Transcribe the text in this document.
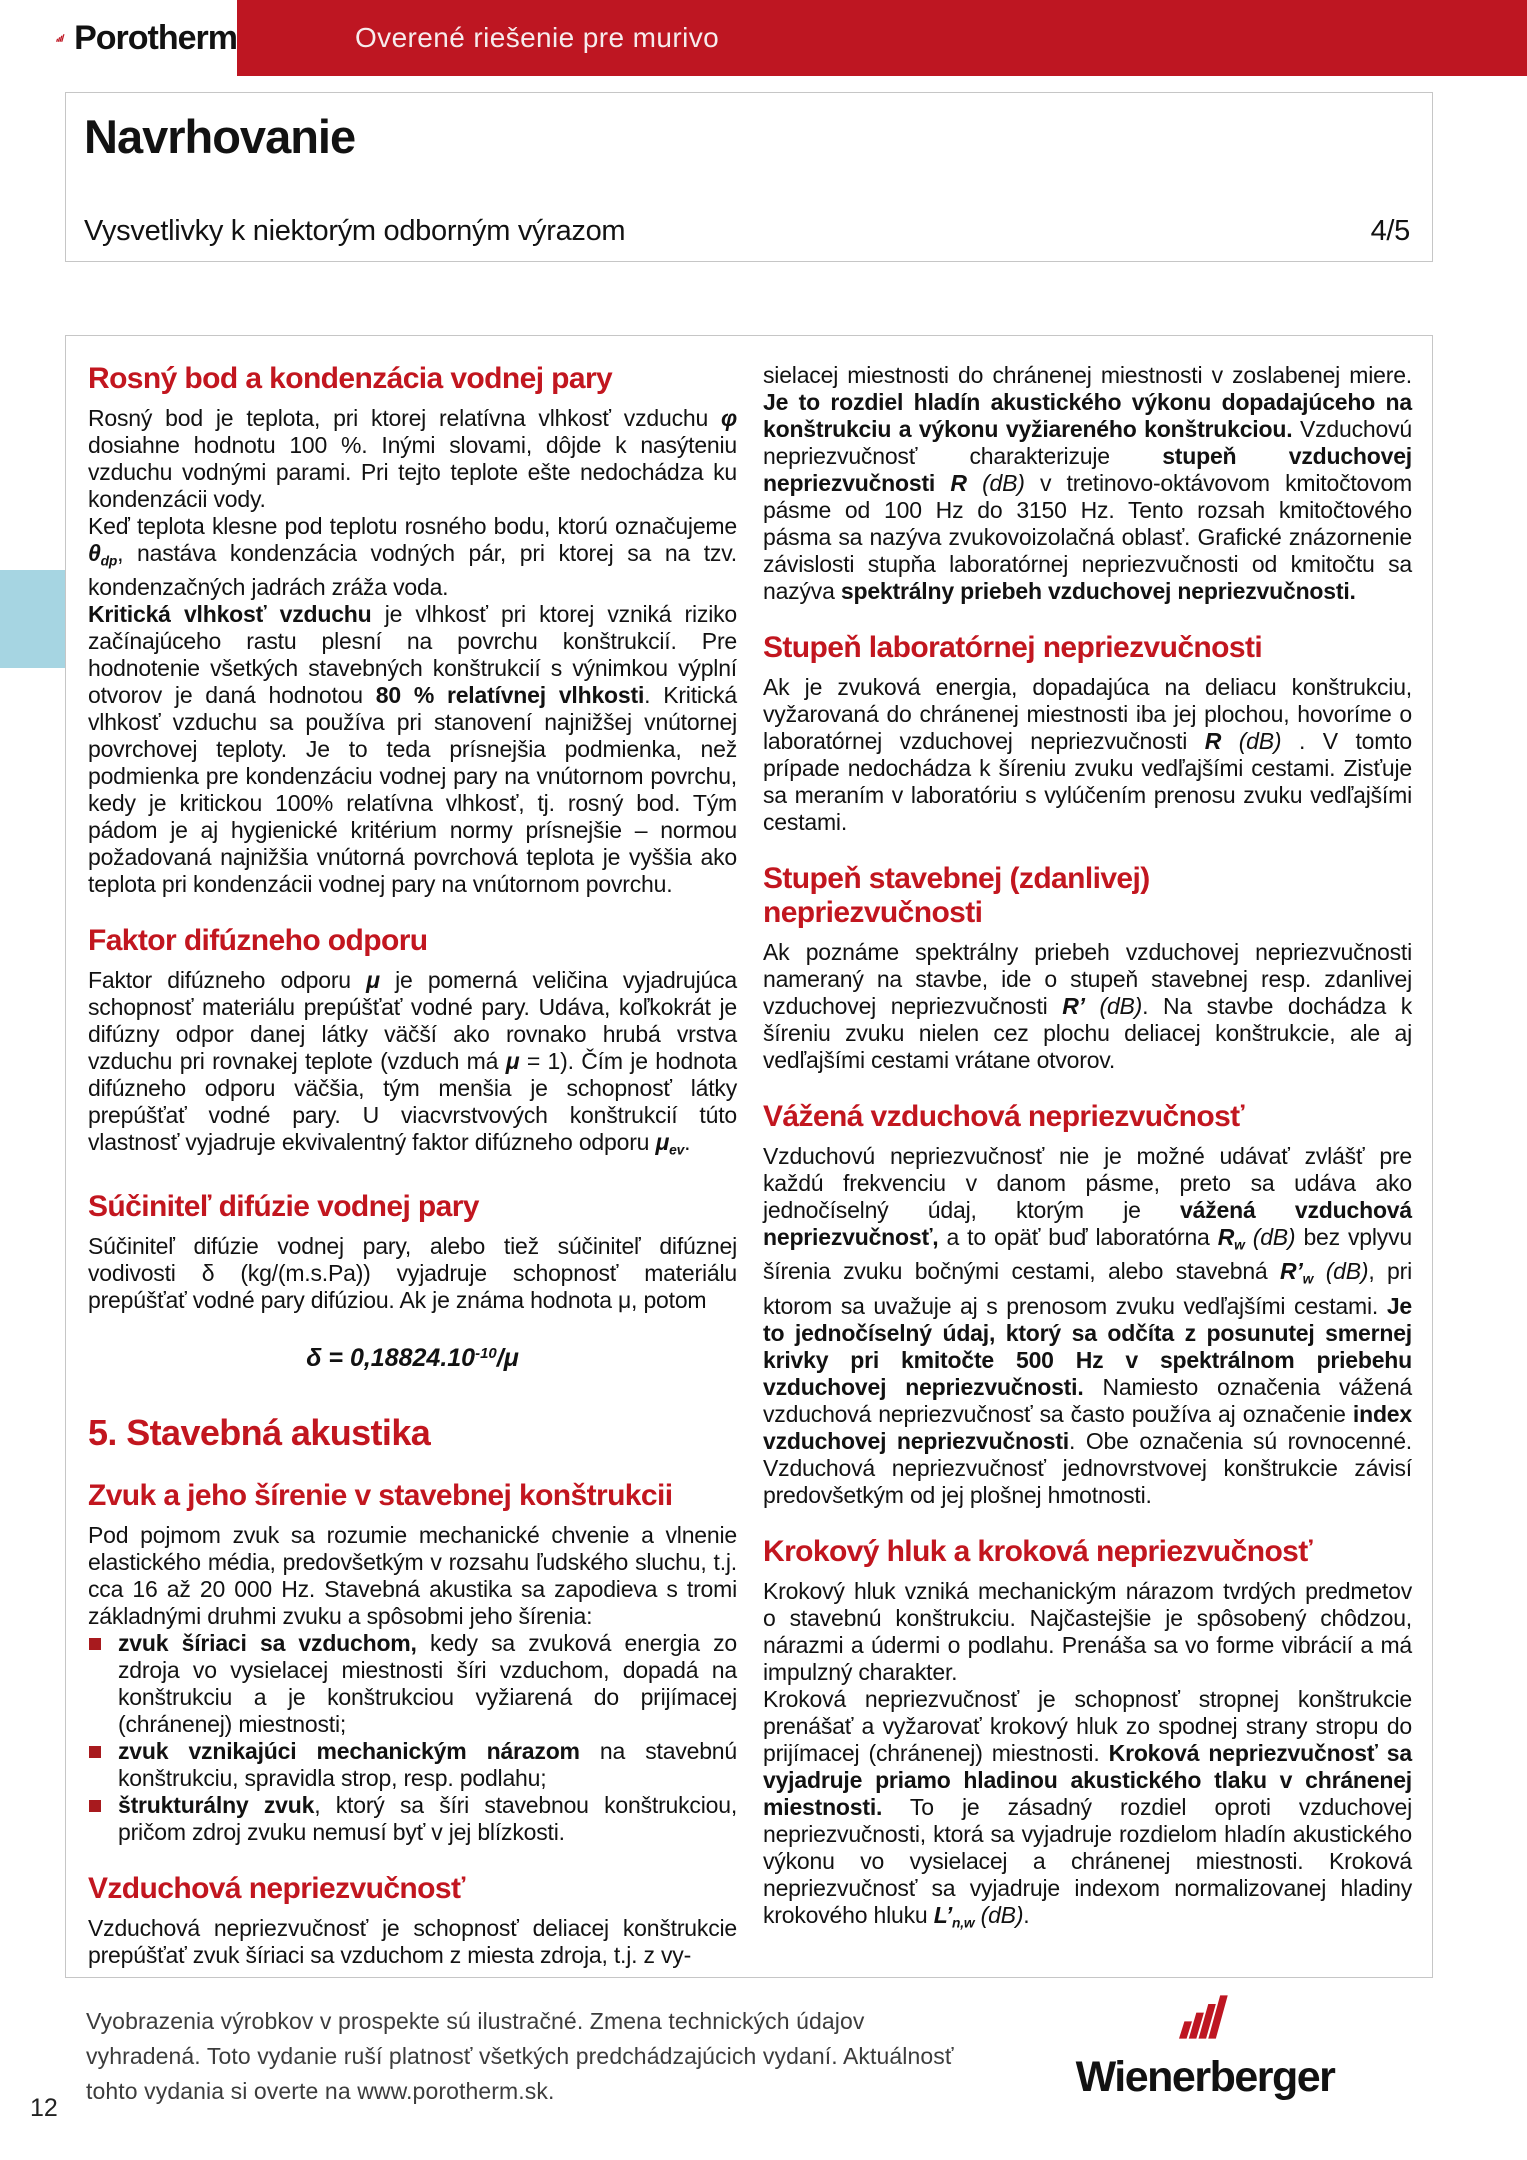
Porotherm	Overené riešenie pre murivo
Navrhovanie
Vysvetlivky k niektorým odborným výrazom	4/5
Rosný bod a kondenzácia vodnej pary

Rosný bod je teplota, pri ktorej relatívna vlhkosť vzduchu φ dosiahne hodnotu 100 %. Inými slovami, dôjde k nasýteniu vzduchu vodnými parami. Pri tejto teplote ešte nedochádza ku kondenzácii vody.

Keď teplota klesne pod teplotu rosného bodu, ktorú označujeme θdp, nastáva kondenzácia vodných pár, pri ktorej sa na tzv. kondenzačných jadrách zráža voda.

Kritická vlhkosť vzduchu je vlhkosť pri ktorej vzniká riziko začínajúceho rastu plesní na povrchu konštrukcií. Pre hodnotenie všetkých stavebných konštrukcií s výnimkou výplní otvorov je daná hodnotou 80 % relatívnej vlhkosti. Kritická vlhkosť vzduchu sa používa pri stanovení najnižšej vnútornej povrchovej teploty. Je to teda prísnejšia podmienka, než podmienka pre kondenzáciu vodnej pary na vnútornom povrchu, kedy je kritickou 100% relatívna vlhkosť, tj. rosný bod. Tým pádom je aj hygienické kritérium normy prísnejšie – normou požadovaná najnižšia vnútorná povrchová teplota je vyššia ako teplota pri kondenzácii vodnej pary na vnútornom povrchu.

Faktor difúzneho odporu

Faktor difúzneho odporu μ je pomerná veličina vyjadrujúca schopnosť materiálu prepúšťať vodné pary. Udáva, koľkokrát je difúzny odpor danej látky väčší ako rovnako hrubá vrstva vzduchu pri rovnakej teplote (vzduch má μ = 1). Čím je hodnota difúzneho odporu väčšia, tým menšia je schopnosť látky prepúšťať vodné pary. U viacvrstvových konštrukcií túto vlastnosť vyjadruje ekvivalentný faktor difúzneho odporu μev.

Súčiniteľ difúzie vodnej pary

Súčiniteľ difúzie vodnej pary, alebo tiež súčiniteľ difúznej vodivosti δ (kg/(m.s.Pa)) vyjadruje schopnosť materiálu prepúšťať vodné pary difúziou. Ak je známa hodnota μ, potom

$\delta = 0,18824.10^{-10}/\mu$
5. Stavebná akustika
Zvuk a jeho šírenie v stavebnej konštrukcii

Pod pojmom zvuk sa rozumie mechanické chvenie a vlnenie elastického média, predovšetkým v rozsahu ľudského sluchu, t.j. cca 16 až 20 000 Hz. Stavebná akustika sa zapodieva s tromi základnými druhmi zvuku a spôsobmi jeho šírenia:

zvuk šíriaci sa vzduchom, kedy sa zvuková energia zo zdroja vo vysielacej miestnosti šíri vzduchom, dopadá na konštrukciu a je konštrukciou vyžiarená do prijímacej (chránenej) miestnosti;
zvuk vznikajúci mechanickým nárazom na stavebnú konštrukciu, spravidla strop, resp. podlahu;
štrukturálny zvuk, ktorý sa šíri stavebnou konštrukciou, pričom zdroj zvuku nemusí byť v jej blízkosti.
Vzduchová nepriezvučnosť

Vzduchová nepriezvučnosť je schopnosť deliacej konštrukcie prepúšťať zvuk šíriaci sa vzduchom z miesta zdroja, t.j. z vy-

sielacej miestnosti do chránenej miestnosti v zoslabenej miere. Je to rozdiel hladín akustického výkonu dopadajúceho na konštrukciu a výkonu vyžiareného konštrukciou. Vzduchovú nepriezvučnosť charakterizuje stupeň vzduchovej nepriezvučnosti R (dB) v tretinovo-oktávovom kmitočtovom pásme od 100 Hz do 3150 Hz. Tento rozsah kmitočtového pásma sa nazýva zvukovoizolačná oblasť. Grafické znázornenie závislosti stupňa laboratórnej nepriezvučnosti od kmitočtu sa nazýva spektrálny priebeh vzduchovej nepriezvučnosti.

Stupeň laboratórnej nepriezvučnosti

Ak je zvuková energia, dopadajúca na deliacu konštrukciu, vyžarovaná do chránenej miestnosti iba jej plochou, hovoríme o laboratórnej vzduchovej nepriezvučnosti R (dB) . V tomto prípade nedochádza k šíreniu zvuku vedľajšími cestami. Zisťuje sa meraním v laboratóriu s vylúčením prenosu zvuku vedľajšími cestami.

Stupeň stavebnej (zdanlivej) nepriezvučnosti

Ak poznáme spektrálny priebeh vzduchovej nepriezvučnosti nameraný na stavbe, ide o stupeň stavebnej resp. zdanlivej vzduchovej nepriezvučnosti R’ (dB). Na stavbe dochádza k šíreniu zvuku nielen cez plochu deliacej konštrukcie, ale aj vedľajšími cestami vrátane otvorov.

Vážená vzduchová nepriezvučnosť

Vzduchovú nepriezvučnosť nie je možné udávať zvlášť pre každú frekvenciu v danom pásme, preto sa udáva ako jednočíselný údaj, ktorým je vážená vzduchová nepriezvučnosť, a to opäť buď laboratórna Rw (dB) bez vplyvu šírenia zvuku bočnými cestami, alebo stavebná R’w (dB), pri ktorom sa uvažuje aj s prenosom zvuku vedľajšími cestami. Je to jednočíselný údaj, ktorý sa odčíta z posunutej smernej krivky pri kmitočte 500 Hz v spektrálnom priebehu vzduchovej nepriezvučnosti. Namiesto označenia vážená vzduchová nepriezvučnosť sa často používa aj označenie index vzduchovej nepriezvučnosti. Obe označenia sú rovnocenné. Vzduchová nepriezvučnosť jednovrstvovej konštrukcie závisí predovšetkým od jej plošnej hmotnosti.

Krokový hluk a kroková nepriezvučnosť

Krokový hluk vzniká mechanickým nárazom tvrdých predmetov o stavebnú konštrukciu. Najčastejšie je spôsobený chôdzou, nárazmi a údermi o podlahu. Prenáša sa vo forme vibrácií a má impulzný charakter.

Kroková nepriezvučnosť je schopnosť stropnej konštrukcie prenášať a vyžarovať krokový hluk zo spodnej strany stropu do prijímacej (chránenej) miestnosti. Kroková nepriezvučnosť sa vyjadruje priamo hladinou akustického tlaku v chránenej miestnosti. To je zásadný rozdiel oproti vzduchovej nepriezvučnosti, ktorá sa vyjadruje rozdielom hladín akustického výkonu vo vysielacej a chránenej miestnosti. Kroková nepriezvučnosť sa vyjadruje indexom normalizovanej hladiny krokového hluku L’n,w (dB).

Vyobrazenia výrobkov v prospekte sú ilustračné. Zmena technických údajov vyhradená. Toto vydanie ruší platnosť všetkých predchádzajúcich vydaní. Aktuálnosť tohto vydania si overte na www.porotherm.sk.	Wienerberger
12
